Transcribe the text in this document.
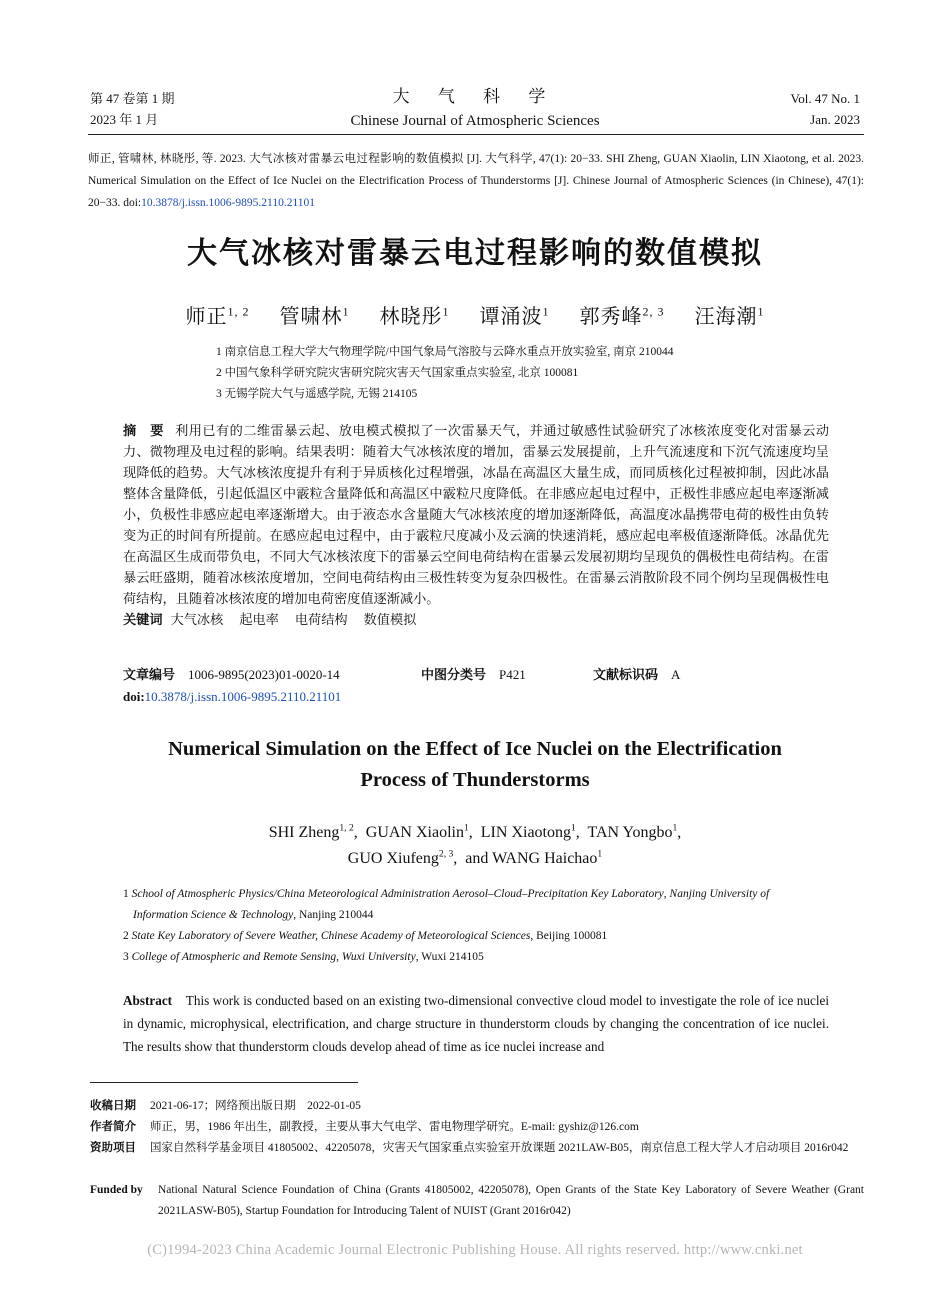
第 47 卷第 1 期
2023 年 1 月
大 气 科 学
Chinese Journal of Atmospheric Sciences
Vol. 47 No. 1
Jan. 2023
师正, 管啸林, 林晓彤, 等. 2023. 大气冰核对雷暴云电过程影响的数值模拟 [J]. 大气科学, 47(1): 20−33. SHI Zheng, GUAN Xiaolin, LIN Xiaotong, et al. 2023. Numerical Simulation on the Effect of Ice Nuclei on the Electrification Process of Thunderstorms [J]. Chinese Journal of Atmospheric Sciences (in Chinese), 47(1): 20−33. doi:10.3878/j.issn.1006-9895.2110.21101
大气冰核对雷暴云电过程影响的数值模拟
师正$^{1, 2}$ 管啸林$^1$ 林晓彤$^1$ 谭涌波$^1$ 郭秀峰$^{2, 3}$ 汪海潮$^1$
1 南京信息工程大学大气物理学院/中国气象局气溶胶与云降水重点开放实验室, 南京 210044
2 中国气象科学研究院灾害研究院灾害天气国家重点实验室, 北京 100081
3 无锡学院大气与遥感学院, 无锡 214105
摘　要 利用已有的二维雷暴云起、放电模式模拟了一次雷暴天气，并通过敏感性试验研究了冰核浓度变化对雷暴云动力、微物理及电过程的影响。结果表明：随着大气冰核浓度的增加，雷暴云发展提前，上升气流速度和下沉气流速度均呈现降低的趋势。大气冰核浓度提升有利于异质核化过程增强，冰晶在高温区大量生成，而同质核化过程被抑制，因此冰晶整体含量降低，引起低温区中霰粒含量降低和高温区中霰粒尺度降低。在非感应起电过程中，正极性非感应起电率逐渐减小，负极性非感应起电率逐渐增大。由于液态水含量随大气冰核浓度的增加逐渐降低，高温度冰晶携带电荷的极性由负转变为正的时间有所提前。在感应起电过程中，由于霰粒尺度减小及云滴的快速消耗，感应起电率极值逐渐降低。冰晶优先在高温区生成而带负电，不同大气冰核浓度下的雷暴云空间电荷结构在雷暴云发展初期均呈现负的偶极性电荷结构。在雷暴云旺盛期，随着冰核浓度增加，空间电荷结构由三极性转变为复杂四极性。在雷暴云消散阶段不同个例均呈现偶极性电荷结构，且随着冰核浓度的增加电荷密度值逐渐减小。
关键词 大气冰核 起电率 电荷结构 数值模拟
文章编号 1006-9895(2023)01-0020-14	中图分类号 P421	文献标识码 A
doi:10.3878/j.issn.1006-9895.2110.21101
Numerical Simulation on the Effect of Ice Nuclei on the Electrification
Process of Thunderstorms
SHI Zheng$^{1, 2}$,  GUAN Xiaolin$^1$,  LIN Xiaotong$^1$,  TAN Yongbo$^1$,
GUO Xiufeng$^{2, 3}$,  and WANG Haichao$^1$
1 School of Atmospheric Physics/China Meteorological Administration Aerosol–Cloud–Precipitation Key Laboratory, Nanjing University of
Information Science & Technology, Nanjing 210044
2 State Key Laboratory of Severe Weather, Chinese Academy of Meteorological Sciences, Beijing 100081
3 College of Atmospheric and Remote Sensing, Wuxi University, Wuxi 214105
Abstract This work is conducted based on an existing two-dimensional convective cloud model to investigate the role of ice nuclei in dynamic, microphysical, electrification, and charge structure in thunderstorm clouds by changing the concentration of ice nuclei. The results show that thunderstorm clouds develop ahead of time as ice nuclei increase and
收稿日期 2021-06-17；网络预出版日期　2022-01-05
作者简介 师正，男，1986 年出生，副教授，主要从事大气电学、雷电物理学研究。E-mail: gyshiz@126.com
资助项目 国家自然科学基金项目 41805002、42205078，灾害天气国家重点实验室开放课题 2021LAW-B05，南京信息工程大学人才启动项目 2016r042
Funded by National Natural Science Foundation of China (Grants 41805002, 42205078), Open Grants of the State Key Laboratory of Severe Weather (Grant 2021LASW-B05), Startup Foundation for Introducing Talent of NUIST (Grant 2016r042)
(C)1994-2023 China Academic Journal Electronic Publishing House. All rights reserved. http://www.cnki.net
